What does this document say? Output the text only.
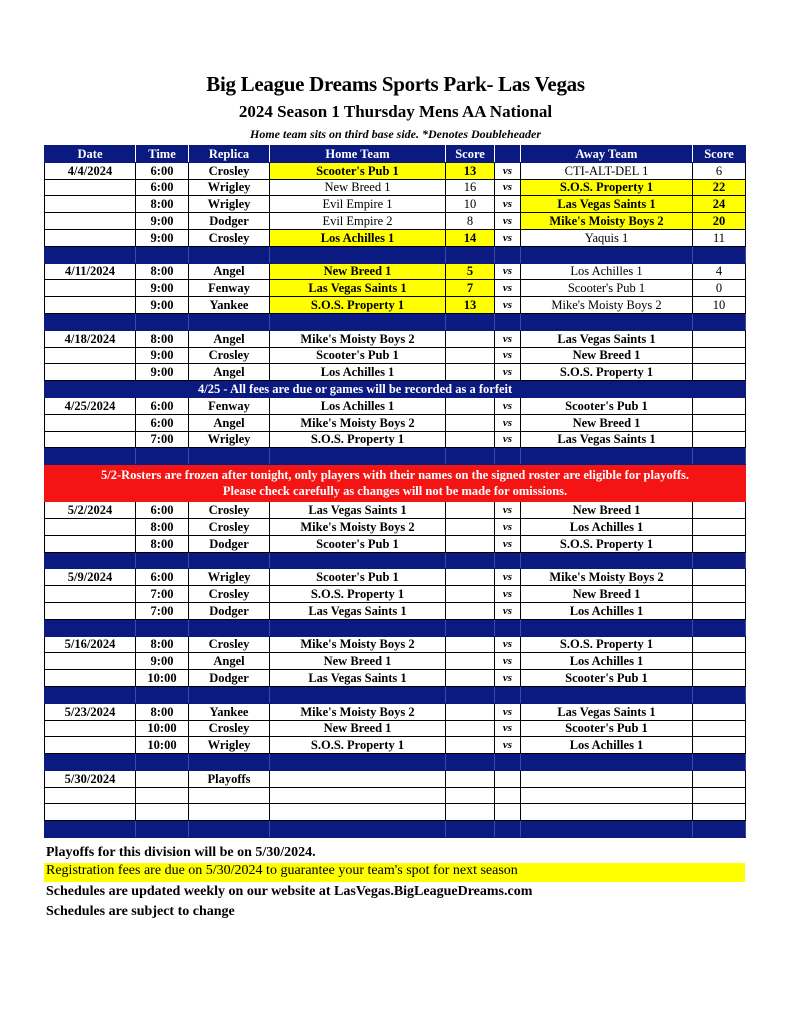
Big League Dreams Sports Park- Las Vegas
2024 Season 1 Thursday Mens AA National
Home team sits on third base side. *Denotes Doubleheader
Date	Time	Replica	Home Team	Score		Away Team	Score
4/4/2024	6:00	Crosley	Scooter's Pub 1	13	vs	CTI-ALT-DEL 1	6
	6:00	Wrigley	New Breed 1	16	vs	S.O.S. Property 1	22
	8:00	Wrigley	Evil Empire 1	10	vs	Las Vegas Saints 1	24
	9:00	Dodger	Evil Empire 2	8	vs	Mike's Moisty Boys 2	20
	9:00	Crosley	Los Achilles 1	14	vs	Yaquis 1	11

4/11/2024	8:00	Angel	New Breed 1	5	vs	Los Achilles 1	4
	9:00	Fenway	Las Vegas Saints 1	7	vs	Scooter's Pub 1	0
	9:00	Yankee	S.O.S. Property 1	13	vs	Mike's Moisty Boys 2	10

4/18/2024	8:00	Angel	Mike's Moisty Boys 2		vs	Las Vegas Saints 1	
	9:00	Crosley	Scooter's Pub 1		vs	New Breed 1	
	9:00	Angel	Los Achilles 1		vs	S.O.S. Property 1	
	4/25 - All fees are due or games will be recorded as a forfeit						
4/25/2024	6:00	Fenway	Los Achilles 1		vs	Scooter's Pub 1	
	6:00	Angel	Mike's Moisty Boys 2		vs	New Breed 1	
	7:00	Wrigley	S.O.S. Property 1		vs	Las Vegas Saints 1	

5/2-Rosters are frozen after tonight, only players with their names on the signed roster are eligible for playoffs.
Please check carefully as changes will not be made for omissions.							

5/2/2024	6:00	Crosley	Las Vegas Saints 1		vs	New Breed 1	
	8:00	Crosley	Mike's Moisty Boys 2		vs	Los Achilles 1	
	8:00	Dodger	Scooter's Pub 1		vs	S.O.S. Property 1	

5/9/2024	6:00	Wrigley	Scooter's Pub 1		vs	Mike's Moisty Boys 2	
	7:00	Crosley	S.O.S. Property 1		vs	New Breed 1	
	7:00	Dodger	Las Vegas Saints 1		vs	Los Achilles 1	

5/16/2024	8:00	Crosley	Mike's Moisty Boys 2		vs	S.O.S. Property 1	
	9:00	Angel	New Breed 1		vs	Los Achilles 1	
	10:00	Dodger	Las Vegas Saints 1		vs	Scooter's Pub 1	

5/23/2024	8:00	Yankee	Mike's Moisty Boys 2		vs	Las Vegas Saints 1	
	10:00	Crosley	New Breed 1		vs	Scooter's Pub 1	
	10:00	Wrigley	S.O.S. Property 1		vs	Los Achilles 1	

5/30/2024		Playoffs					

Playoffs for this division will be on 5/30/2024.
Registration fees are due on 5/30/2024 to guarantee your team's spot for next season
Schedules are updated weekly on our website at LasVegas.BigLeagueDreams.com
Schedules are subject to change
